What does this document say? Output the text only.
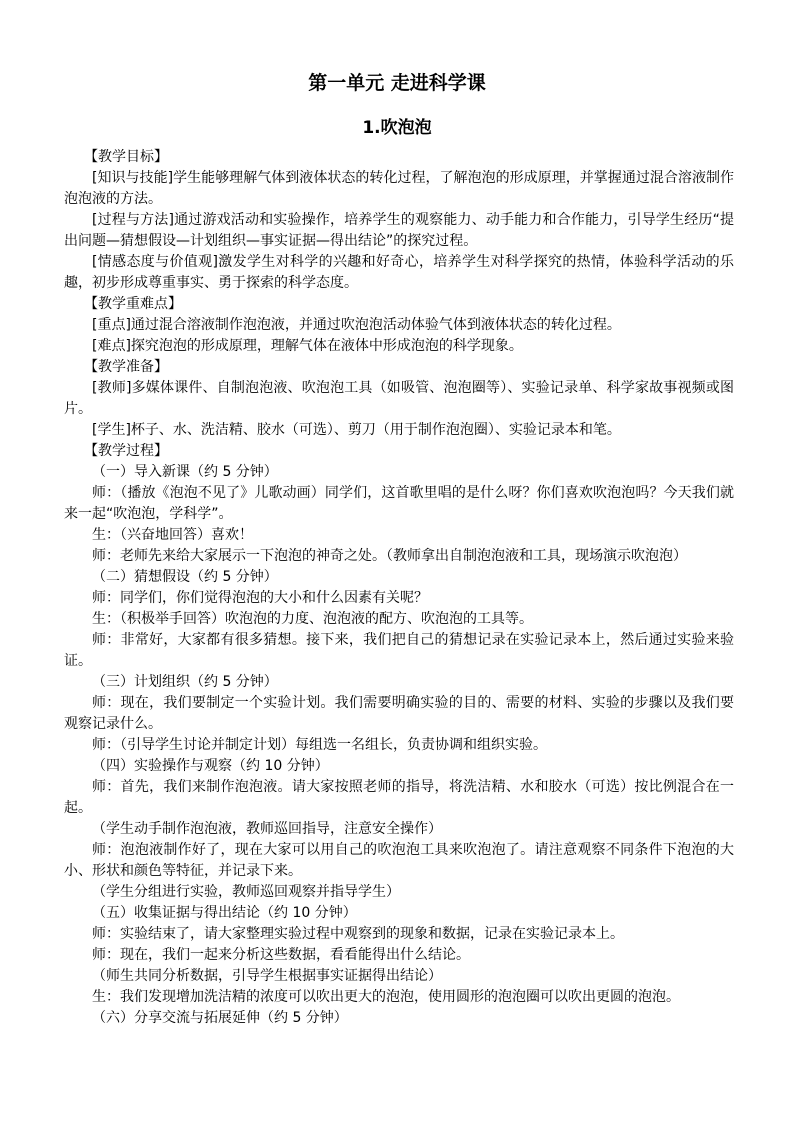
第一单元 走进科学课
1.吹泡泡

【教学目标】

[知识与技能]学生能够理解气体到液体状态的转化过程，了解泡泡的形成原理，并掌握通过混合溶液制作泡泡液的方法。

[过程与方法]通过游戏活动和实验操作，培养学生的观察能力、动手能力和合作能力，引导学生经历“提出问题—猜想假设—计划组织—事实证据—得出结论”的探究过程。

[情感态度与价值观]激发学生对科学的兴趣和好奇心，培养学生对科学探究的热情，体验科学活动的乐趣，初步形成尊重事实、勇于探索的科学态度。

【教学重难点】

[重点]通过混合溶液制作泡泡液，并通过吹泡泡活动体验气体到液体状态的转化过程。

[难点]探究泡泡的形成原理，理解气体在液体中形成泡泡的科学现象。

【教学准备】

[教师]多媒体课件、自制泡泡液、吹泡泡工具（如吸管、泡泡圈等）、实验记录单、科学家故事视频或图片。

[学生]杯子、水、洗洁精、胶水（可选）、剪刀（用于制作泡泡圈）、实验记录本和笔。

【教学过程】

（一）导入新课（约 5 分钟）

师：（播放《泡泡不见了》儿歌动画）同学们，这首歌里唱的是什么呀？你们喜欢吹泡泡吗？今天我们就来一起“吹泡泡，学科学”。

生：（兴奋地回答）喜欢！

师：老师先来给大家展示一下泡泡的神奇之处。（教师拿出自制泡泡液和工具，现场演示吹泡泡）

（二）猜想假设（约 5 分钟）

师：同学们，你们觉得泡泡的大小和什么因素有关呢？

生：（积极举手回答）吹泡泡的力度、泡泡液的配方、吹泡泡的工具等。

师：非常好，大家都有很多猜想。接下来，我们把自己的猜想记录在实验记录本上，然后通过实验来验证。

（三）计划组织（约 5 分钟）

师：现在，我们要制定一个实验计划。我们需要明确实验的目的、需要的材料、实验的步骤以及我们要观察记录什么。

师：（引导学生讨论并制定计划）每组选一名组长，负责协调和组织实验。

（四）实验操作与观察（约 10 分钟）

师：首先，我们来制作泡泡液。请大家按照老师的指导，将洗洁精、水和胶水（可选）按比例混合在一起。

（学生动手制作泡泡液，教师巡回指导，注意安全操作）

师：泡泡液制作好了，现在大家可以用自己的吹泡泡工具来吹泡泡了。请注意观察不同条件下泡泡的大小、形状和颜色等特征，并记录下来。

（学生分组进行实验，教师巡回观察并指导学生）

（五）收集证据与得出结论（约 10 分钟）

师：实验结束了，请大家整理实验过程中观察到的现象和数据，记录在实验记录本上。

师：现在，我们一起来分析这些数据，看看能得出什么结论。

（师生共同分析数据，引导学生根据事实证据得出结论）

生：我们发现增加洗洁精的浓度可以吹出更大的泡泡，使用圆形的泡泡圈可以吹出更圆的泡泡。

（六）分享交流与拓展延伸（约 5 分钟）
